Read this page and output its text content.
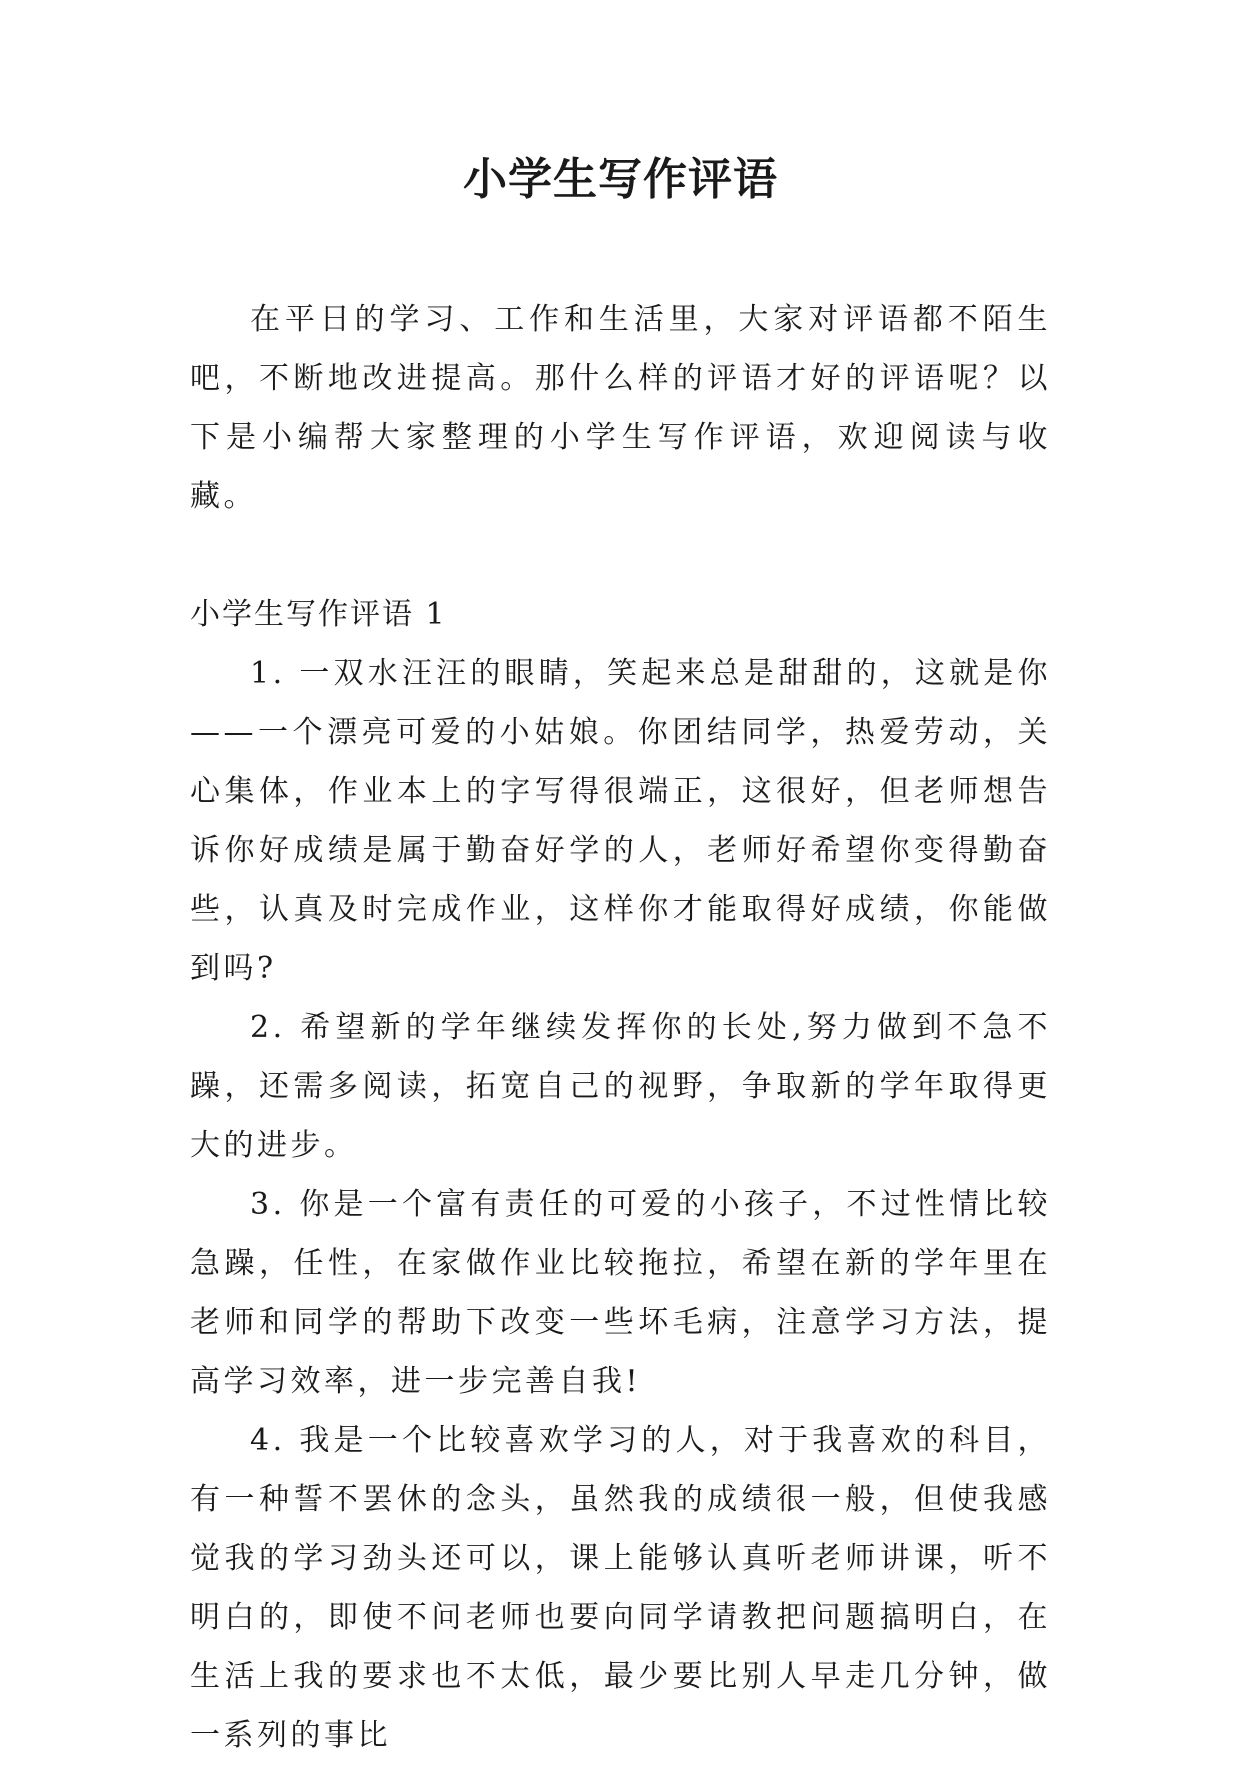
小学生写作评语

在平日的学习、工作和生活里，大家对评语都不陌生吧，不断地改进提高。那什么样的评语才好的评语呢？以下是小编帮大家整理的小学生写作评语，欢迎阅读与收藏。

小学生写作评语 1

1. 一双水汪汪的眼睛，笑起来总是甜甜的，这就是你——一个漂亮可爱的小姑娘。你团结同学，热爱劳动，关心集体，作业本上的字写得很端正，这很好，但老师想告诉你好成绩是属于勤奋好学的人，老师好希望你变得勤奋些，认真及时完成作业，这样你才能取得好成绩，你能做到吗?

2. 希望新的学年继续发挥你的长处,努力做到不急不躁，还需多阅读，拓宽自己的视野，争取新的学年取得更大的进步。

3. 你是一个富有责任的可爱的小孩子，不过性情比较急躁，任性，在家做作业比较拖拉，希望在新的学年里在老师和同学的帮助下改变一些坏毛病，注意学习方法，提高学习效率，进一步完善自我!

4. 我是一个比较喜欢学习的人，对于我喜欢的科目，有一种誓不罢休的念头，虽然我的成绩很一般，但使我感觉我的学习劲头还可以，课上能够认真听老师讲课，听不明白的，即使不问老师也要向同学请教把问题搞明白，在生活上我的要求也不太低，最少要比别人早走几分钟，做一系列的事比
